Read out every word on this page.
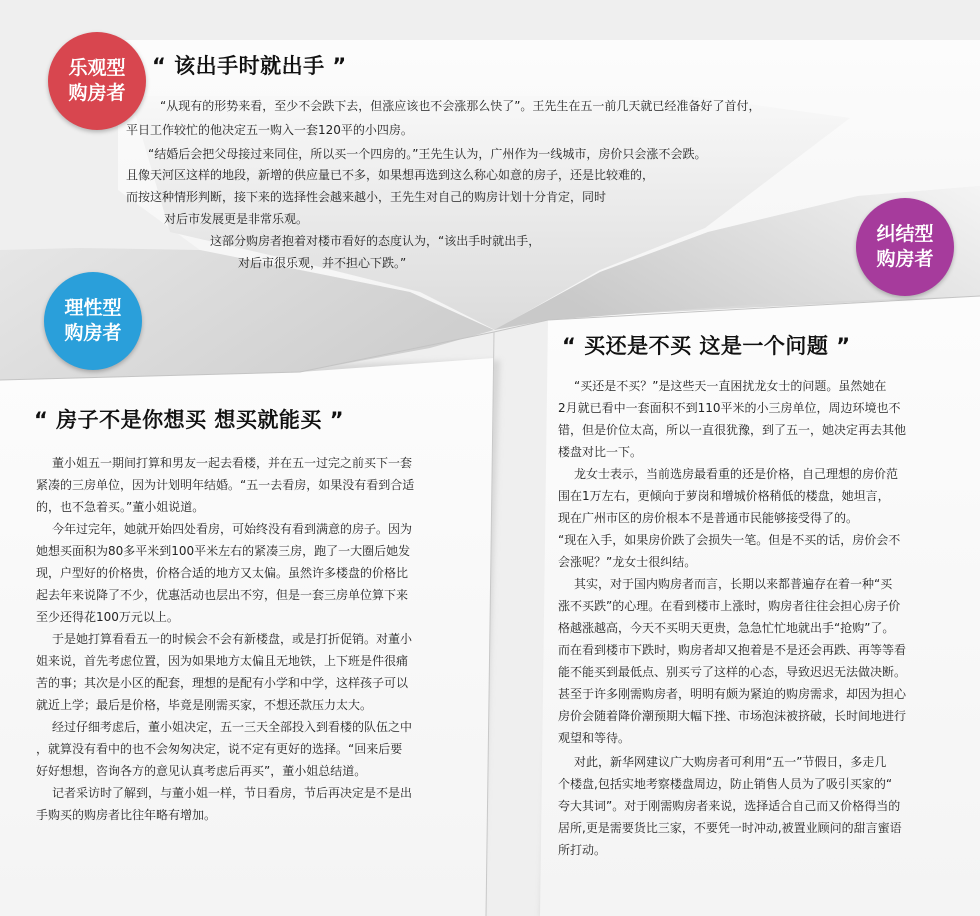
乐观型
购房者
纠结型
购房者
理性型
购房者
“ 该出手时就出手 ”
“ 买还是不买 这是一个问题 ”
“ 房子不是你想买 想买就能买 ”
“从现有的形势来看，至少不会跌下去，但涨应该也不会涨那么快了”。王先生在五一前几天就已经准备好了首付，
平日工作较忙的他决定五一购入一套120平的小四房。
“结婚后会把父母接过来同住，所以买一个四房的。”王先生认为，广州作为一线城市，房价只会涨不会跌。
且像天河区这样的地段，新增的供应量已不多，如果想再选到这么称心如意的房子，还是比较难的，
而按这种情形判断，接下来的选择性会越来越小，王先生对自己的购房计划十分肯定，同时
对后市发展更是非常乐观。
这部分购房者抱着对楼市看好的态度认为，“该出手时就出手，
对后市很乐观，并不担心下跌。”
董小姐五一期间打算和男友一起去看楼，并在五一过完之前买下一套
紧凑的三房单位，因为计划明年结婚。“五一去看房，如果没有看到合适
的，也不急着买。”董小姐说道。
今年过完年，她就开始四处看房，可始终没有看到满意的房子。因为
她想买面积为80多平米到100平米左右的紧凑三房，跑了一大圈后她发
现，户型好的价格贵，价格合适的地方又太偏。虽然许多楼盘的价格比
起去年来说降了不少，优惠活动也层出不穷，但是一套三房单位算下来
至少还得花100万元以上。
于是她打算看看五一的时候会不会有新楼盘，或是打折促销。对董小
姐来说，首先考虑位置，因为如果地方太偏且无地铁，上下班是件很痛
苦的事；其次是小区的配套，理想的是配有小学和中学，这样孩子可以
就近上学；最后是价格，毕竟是刚需买家，不想还款压力太大。
经过仔细考虑后，董小姐决定，五一三天全部投入到看楼的队伍之中
，就算没有看中的也不会匆匆决定，说不定有更好的选择。“回来后要
好好想想，咨询各方的意见认真考虑后再买”，董小姐总结道。
记者采访时了解到，与董小姐一样，节日看房，节后再决定是不是出
手购买的购房者比往年略有增加。
“买还是不买？”是这些天一直困扰龙女士的问题。虽然她在
2月就已看中一套面积不到110平米的小三房单位，周边环境也不
错，但是价位太高，所以一直很犹豫，到了五一，她决定再去其他
楼盘对比一下。
龙女士表示，当前选房最看重的还是价格，自己理想的房价范
围在1万左右，更倾向于萝岗和增城价格稍低的楼盘，她坦言，
现在广州市区的房价根本不是普通市民能够接受得了的。
“现在入手，如果房价跌了会损失一笔。但是不买的话，房价会不
会涨呢？”龙女士很纠结。
其实，对于国内购房者而言，长期以来都普遍存在着一种“买
涨不买跌”的心理。在看到楼市上涨时，购房者往往会担心房子价
格越涨越高，今天不买明天更贵，急急忙忙地就出手“抢购”了。
而在看到楼市下跌时，购房者却又抱着是不是还会再跌、再等等看
能不能买到最低点、别买亏了这样的心态，导致迟迟无法做决断。
甚至于许多刚需购房者，明明有颇为紧迫的购房需求，却因为担心
房价会随着降价潮预期大幅下挫、市场泡沫被挤破，长时间地进行
观望和等待。
对此，新华网建议广大购房者可利用“五一”节假日，多走几
个楼盘,包括实地考察楼盘周边，防止销售人员为了吸引买家的“
夸大其词”。对于刚需购房者来说，选择适合自己而又价格得当的
居所,更是需要货比三家，不要凭一时冲动,被置业顾问的甜言蜜语
所打动。
